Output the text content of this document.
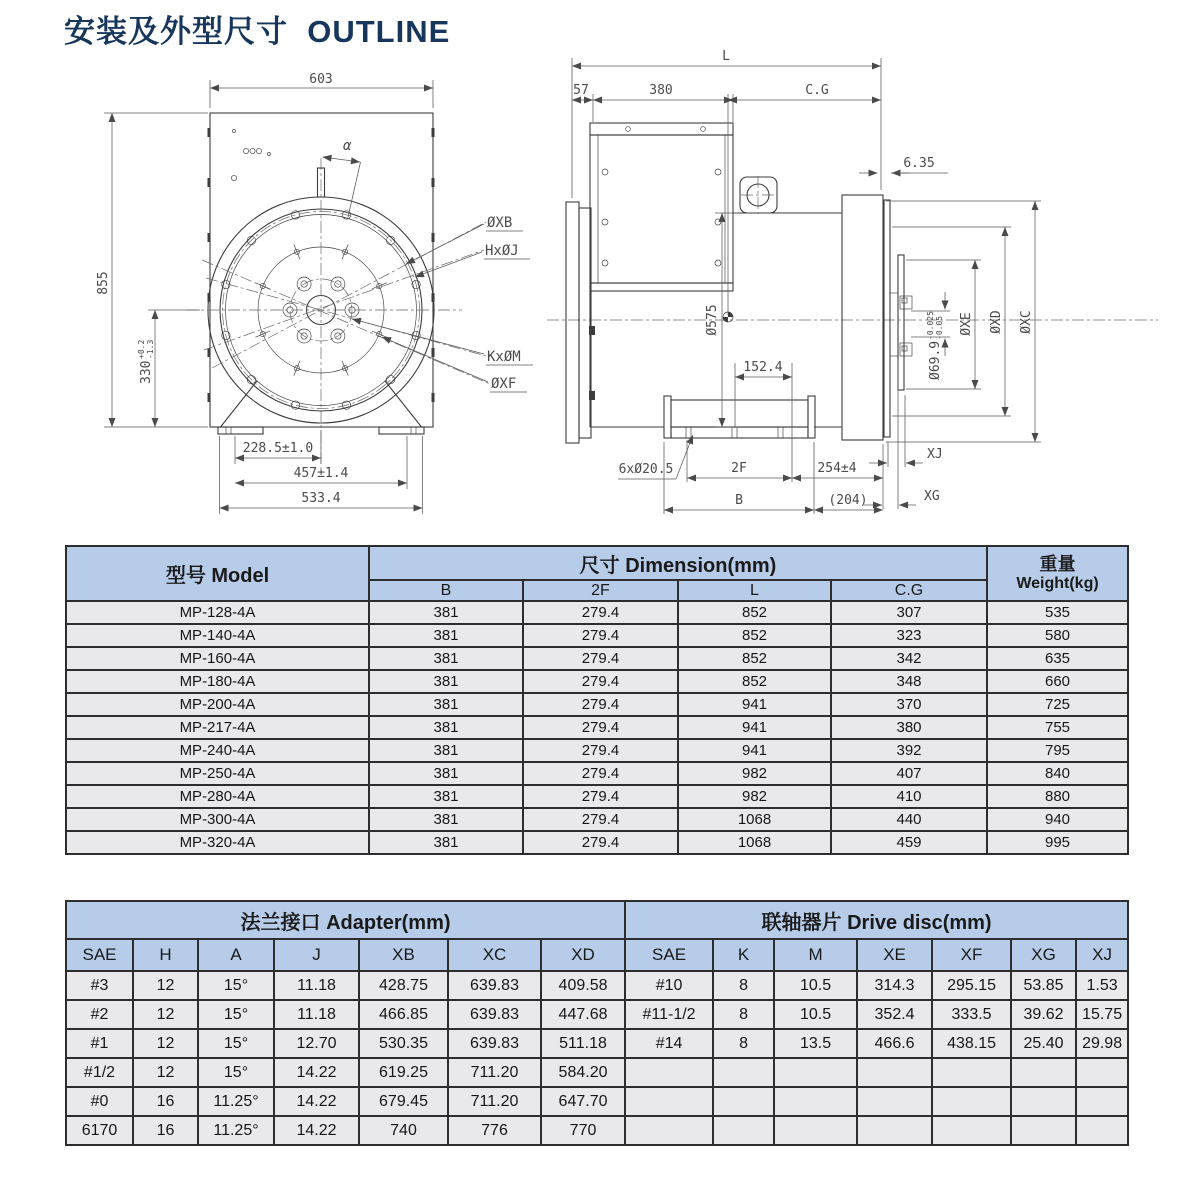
安装及外型尺寸 OUTLINE
α
603
855
330
+0.2 -1.3
228.5±1.0
457±1.4
533.4
ØXB
HxØJ
KxØM
ØXF
L
57	380	C.G
6.35
Ø575
152.4
6xØ20.5	2F	254±4
B	(204)
XJ
XG
ØXE ØXD ØXC
Ø69.9
-0.025 -0.05
型号 Model	尺寸 Dimension(mm)				重量
Weight(kg)

	B	2F	L	C.G	
MP-128-4A	381	279.4	852	307	535
MP-140-4A	381	279.4	852	323	580
MP-160-4A	381	279.4	852	342	635
MP-180-4A	381	279.4	852	348	660
MP-200-4A	381	279.4	941	370	725
MP-217-4A	381	279.4	941	380	755
MP-240-4A	381	279.4	941	392	795
MP-250-4A	381	279.4	982	407	840
MP-280-4A	381	279.4	982	410	880
MP-300-4A	381	279.4	1068	440	940
MP-320-4A	381	279.4	1068	459	995
法兰接口 Adapter(mm)							联轴器片 Drive disc(mm)						
SAE	H	A	J	XB	XC	XD	SAE	K	M	XE	XF	XG	XJ
#3	12	15°	11.18	428.75	639.83	409.58	#10	8	10.5	314.3	295.15	53.85	1.53
#2	12	15°	11.18	466.85	639.83	447.68	#11-1/2	8	10.5	352.4	333.5	39.62	15.75
#1	12	15°	12.70	530.35	639.83	511.18	#14	8	13.5	466.6	438.15	25.40	29.98
#1/2	12	15°	14.22	619.25	711.20	584.20							
#0	16	11.25°	14.22	679.45	711.20	647.70							
6170	16	11.25°	14.22	740	776	770							
